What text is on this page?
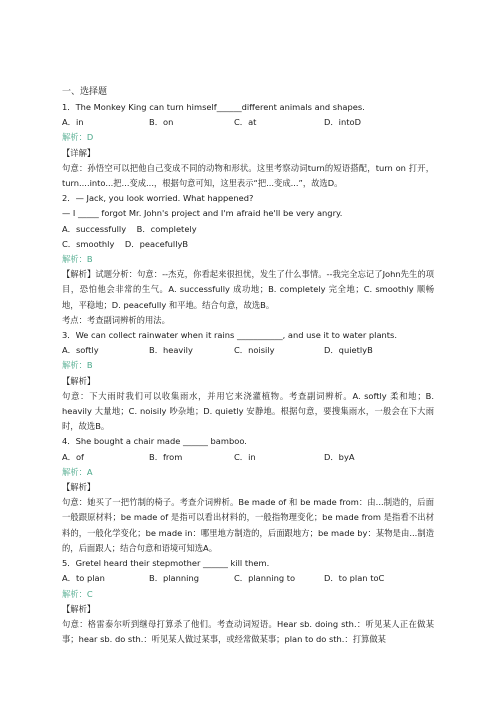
一、选择题
1．The Monkey King can turn himself______different animals and shapes.
A．in	B．on	C．at	D．intoD
解析：D
【详解】
句意：孙悟空可以把他自己变成不同的动物和形状。这里考察动词turn的短语搭配，turn on 打开，turn....into...把...变成...，根据句意可知，这里表示“把...变成...”，故选D。
2．— Jack, you look worried. What happened?
— I _____ forgot Mr. John's project and I'm afraid he'll be very angry.
A．successfully    B．completely
C．smoothly    D．peacefullyB
解析：B
【解析】试题分析：句意：--杰克，你看起来很担忧，发生了什么事情。--我完全忘记了John先生的项目，恐怕他会非常的生气。A. successfully 成功地；B. completely 完全地；C. smoothly 顺畅地，平稳地；D. peacefully 和平地。结合句意，故选B。
考点：考查副词辨析的用法。
3．We can collect rainwater when it rains ___________, and use it to water plants.
A．softly	B．heavily	C．noisily	D．quietlyB
解析：B
【解析】
句意：下大雨时我们可以收集雨水，并用它来浇灌植物。考查副词辨析。A. softly 柔和地；B. heavily 大量地；C. noisily 吵杂地；D. quietly 安静地。根据句意，要搜集雨水，一般会在下大雨时，故选B。
4．She bought a chair made ______ bamboo.
A．of	B．from	C．in	D．byA
解析：A
【解析】
句意：她买了一把竹制的椅子。考查介词辨析。Be made of 和 be made from：由...制造的，后面一般跟原材料；be made of 是指可以看出材料的，一般指物理变化；be made from 是指看不出材料的，一般化学变化；be made in：哪里地方制造的，后面跟地方；be made by：某物是由...制造的，后面跟人；结合句意和语境可知选A。
5．Gretel heard their stepmother ______ kill them.
A．to plan	B．planning	C．planning to	D．to plan toC
解析：C
【解析】
句意：格雷泰尔听到继母打算杀了他们。考查动词短语。Hear sb. doing sth.：听见某人正在做某事；hear sb. do sth.：听见某人做过某事，或经常做某事；plan to do sth.：打算做某
